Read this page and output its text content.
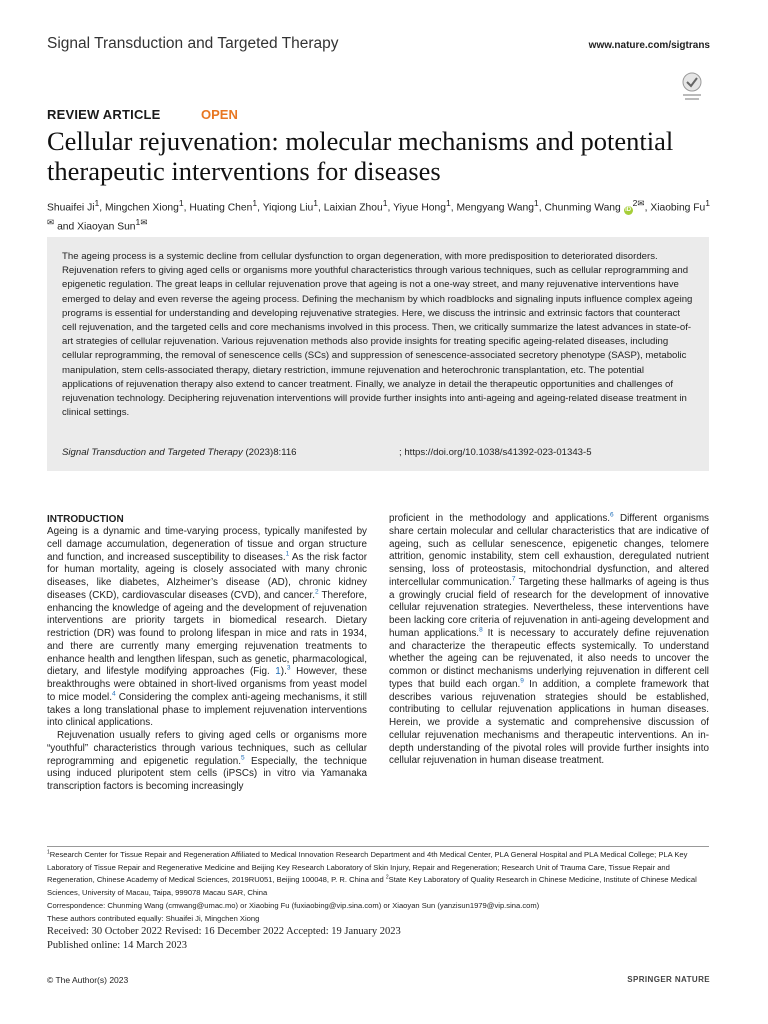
Signal Transduction and Targeted Therapy	www.nature.com/sigtrans
REVIEW ARTICLE	OPEN
Cellular rejuvenation: molecular mechanisms and potential therapeutic interventions for diseases

Shuaifei Ji$^1$, Mingchen Xiong$^1$, Huating Chen$^1$, Yiqiong Liu$^1$, Laixian Zhou$^1$, Yiyue Hong$^1$, Mengyang Wang$^1$, Chunming Wang $iD^{2✉}$, Xiaobing $Fu^{1✉}$ and Xiaoyan Sun$^{1✉}$

The ageing process is a systemic decline from cellular dysfunction to organ degeneration, with more predisposition to deteriorated disorders. Rejuvenation refers to giving aged cells or organisms more youthful characteristics through various techniques, such as cellular reprogramming and epigenetic regulation. The great leaps in cellular rejuvenation prove that ageing is not a one-way street, and many rejuvenative interventions have emerged to delay and even reverse the ageing process. Defining the mechanism by which roadblocks and signaling inputs influence complex ageing programs is essential for understanding and developing rejuvenative strategies. Here, we discuss the intrinsic and extrinsic factors that counteract cell rejuvenation, and the targeted cells and core mechanisms involved in this process. Then, we critically summarize the latest advances in state-of-art strategies of cellular rejuvenation. Various rejuvenation methods also provide insights for treating specific ageing-related diseases, including cellular reprogramming, the removal of senescence cells (SCs) and suppression of senescence-associated secretory phenotype (SASP), metabolic manipulation, stem cells-associated therapy, dietary restriction, immune rejuvenation and heterochronic transplantation, etc. The potential applications of rejuvenation therapy also extend to cancer treatment. Finally, we analyze in detail the therapeutic opportunities and challenges of rejuvenation technology. Deciphering rejuvenation interventions will provide further insights into anti-ageing and ageing-related disease treatment in clinical settings.

Signal Transduction and Targeted Therapy (2023)8:116	; https://doi.org/10.1038/s41392-023-01343-5
INTRODUCTION

Ageing is a dynamic and time-varying process, typically manifested by cell damage accumulation, degeneration of tissue and organ structure and function, and increased susceptibility to diseases.$^1$ As the risk factor for human mortality, ageing is closely associated with many chronic diseases, like diabetes, Alzheimer’s disease (AD), chronic kidney diseases (CKD), cardiovascular diseases (CVD), and cancer.$^2$ Therefore, enhancing the knowledge of ageing and the development of rejuvenation interventions are priority targets in biomedical research. Dietary restriction (DR) was found to prolong lifespan in mice and rats in 1934, and there are currently many emerging rejuvenation treatments to enhance health and lengthen lifespan, such as genetic, pharmacological, dietary, and lifestyle modifying approaches (Fig. 1).$^3$ However, these breakthroughs were obtained in short-lived organisms from yeast model to mice model.$^4$ Considering the complex anti-ageing mechanisms, it still takes a long translational phase to implement rejuvenation interventions into clinical applications.

Rejuvenation usually refers to giving aged cells or organisms more “youthful” characteristics through various techniques, such as cellular reprogramming and epigenetic regulation.$^5$ Especially, the technique using induced pluripotent stem cells (iPSCs) in vitro via Yamanaka transcription factors is becoming increasingly

proficient in the methodology and applications.$^6$ Different organisms share certain molecular and cellular characteristics that are indicative of ageing, such as cellular senescence, epigenetic changes, telomere attrition, genomic instability, stem cell exhaustion, deregulated nutrient sensing, loss of proteostasis, mitochondrial dysfunction, and altered intercellular communication.$^7$ Targeting these hallmarks of ageing is thus a growingly crucial field of research for the development of innovative cellular rejuvenation strategies. Nevertheless, these interventions have been lacking core criteria of rejuvenation in anti-ageing development and human applications.$^8$ It is necessary to accurately define rejuvenation and characterize the therapeutic effects systemically. To understand whether the ageing can be rejuvenated, it also needs to uncover the common or distinct mechanisms underlying rejuvenation in different cell types that build each organ.$^9$ In addition, a complete framework that describes various rejuvenation strategies should be established, contributing to cellular rejuvenation applications in human diseases. Herein, we provide a systematic and comprehensive discussion of cellular rejuvenation mechanisms and therapeutic interventions. An in-depth understanding of the pivotal roles will provide further insights into cellular rejuvenation in human disease treatment.

$^1$Research Center for Tissue Repair and Regeneration Affiliated to Medical Innovation Research Department and 4th Medical Center, PLA General Hospital and PLA Medical College; PLA Key Laboratory of Tissue Repair and Regenerative Medicine and Beijing Key Research Laboratory of Skin Injury, Repair and Regeneration; Research Unit of Trauma Care, Tissue Repair and Regeneration, Chinese Academy of Medical Sciences, 2019RU051, Beijing 100048, P. R. China and $^2$State Key Laboratory of Quality Research in Chinese Medicine, Institute of Chinese Medical Sciences, University of Macau, Taipa, 999078 Macau SAR, China

Correspondence: Chunming Wang (cmwang@umac.mo) or Xiaobing Fu (fuxiaobing@vip.sina.com) or Xiaoyan Sun (yanzisun1979@vip.sina.com)

These authors contributed equally: Shuaifei Ji, Mingchen Xiong

Received: 30 October 2022 Revised: 16 December 2022 Accepted: 19 January 2023

Published online: 14 March 2023

© The Author(s) 2023	SPRINGER NATURE
